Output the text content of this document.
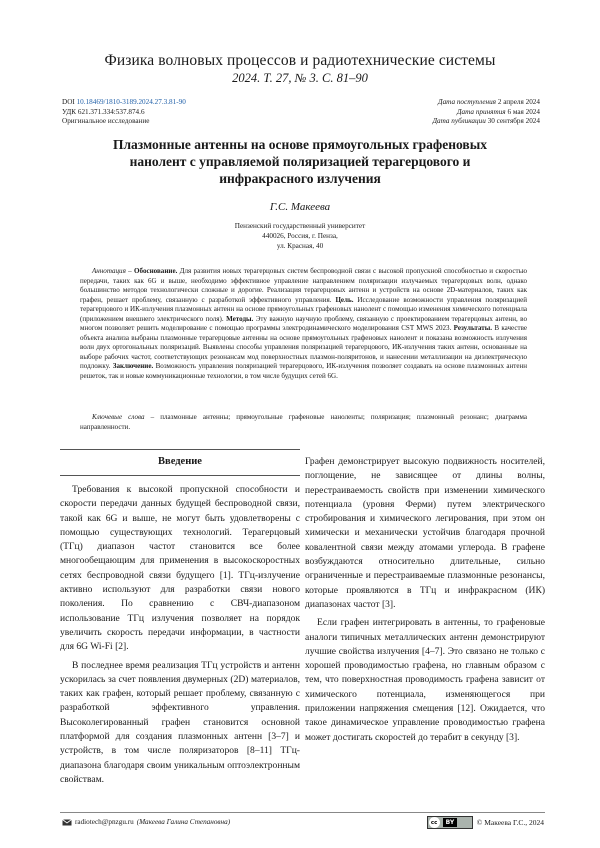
Физика волновых процессов и радиотехнические системы
2024. Т. 27, № 3. С. 81–90
DOI 10.18469/1810-3189.2024.27.3.81-90
УДК 621.371.334:537.874.6
Оригинальное исследование
Дата поступления 2 апреля 2024
Дата принятия 6 мая 2024
Дата публикации 30 сентября 2024
Плазмонные антенны на основе прямоугольных графеновых нанолент с управляемой поляризацией терагерцового и инфракрасного излучения
Г.С. Макеева
Пензенский государственный университет
440026, Россия, г. Пенза,
ул. Красная, 40
Аннотация – Обоснование. Для развития новых терагерцовых систем беспроводной связи с высокой пропускной способностью и скоростью передачи, таких как 6G и выше, необходимо эффективное управление направлением поляризации излучаемых терагерцовых волн, однако большинство методов технологически сложные и дорогие. Реализация терагерцовых антенн и устройств на основе 2D-материалов, таких как графен, решает проблему, связанную с разработкой эффективного управления. Цель. Исследование возможности управления поляризацией терагерцового и ИК-излучения плазмонных антенн на основе прямоугольных графеновых нанолент с помощью изменения химического потенциала (приложением внешнего электрического поля). Методы. Эту важную научную проблему, связанную с проектированием терагерцовых антенн, во многом позволяет решить моделирование с помощью программы электродинамического моделирования CST MWS 2023. Результаты. В качестве объекта анализа выбраны плазмонные терагерцовые антенны на основе прямоугольных графеновых нанолент и показана возможность излучения волн двух ортогональных поляризаций. Выявлены способы управления поляризацией терагерцового, ИК-излучения таких антенн, основанные на выборе рабочих частот, соответствующих резонансам мод поверхностных плазмон-поляритонов, и нанесении металлизации на диэлектрическую подложку. Заключение. Возможность управления поляризацией терагерцового, ИК-излучения позволяет создавать на основе плазмонных антенн решеток, так и новые коммуникационные технологии, в том числе будущих сетей 6G.
Ключевые слова – плазмонные антенны; прямоугольные графеновые наноленты; поляризация; плазмонный резонанс; диаграмма направленности.
Введение

Требования к высокой пропускной способности и скорости передачи данных будущей беспроводной связи, такой как 6G и выше, не могут быть удовлетворены с помощью существующих технологий. Терагерцовый (ТГц) диапазон частот становится все более многообещающим для применения в высокоскоростных сетях беспроводной связи будущего [1]. ТГц-излучение активно используют для разработки связи нового поколения. По сравнению с СВЧ-диапазоном использование ТГц излучения позволяет на порядок увеличить скорость передачи информации, в частности для 6G Wi-Fi [2].

В последнее время реализация ТГц устройств и антенн ускорилась за счет появления двумерных (2D) материалов, таких как графен, который решает проблему, связанную с разработкой эффективного управления. Высоколегированный графен становится основной платформой для создания плазмонных антенн [3–7] и устройств, в том числе поляризаторов [8–11] ТГц-диапазона благодаря своим уникальным оптоэлектронным свойствам.

Графен демонстрирует высокую подвижность носителей, поглощение, не зависящее от длины волны, перестраиваемость свойств при изменении химического потенциала (уровня Ферми) путем электрического стробирования и химического легирования, при этом он химически и механически устойчив благодаря прочной ковалентной связи между атомами углерода. В графене возбуждаются относительно длительные, сильно ограниченные и перестраиваемые плазмонные резонансы, которые проявляются в ТГц и инфракрасном (ИК) диапазонах частот [3].

Если графен интегрировать в антенны, то графеновые аналоги типичных металлических антенн демонстрируют лучшие свойства излучения [4–7]. Это связано не только с хорошей проводимостью графена, но главным образом с тем, что поверхностная проводимость графена зависит от химического потенциала, изменяющегося при приложении напряжения смещения [12]. Ожидается, что такое динамическое управление проводимостью графена может достигать скоростей до терабит в секунду [3].

radiotech@pnzgu.ru (Макеева Галина Степановна)	cc	BY	© Макеева Г.С., 2024
